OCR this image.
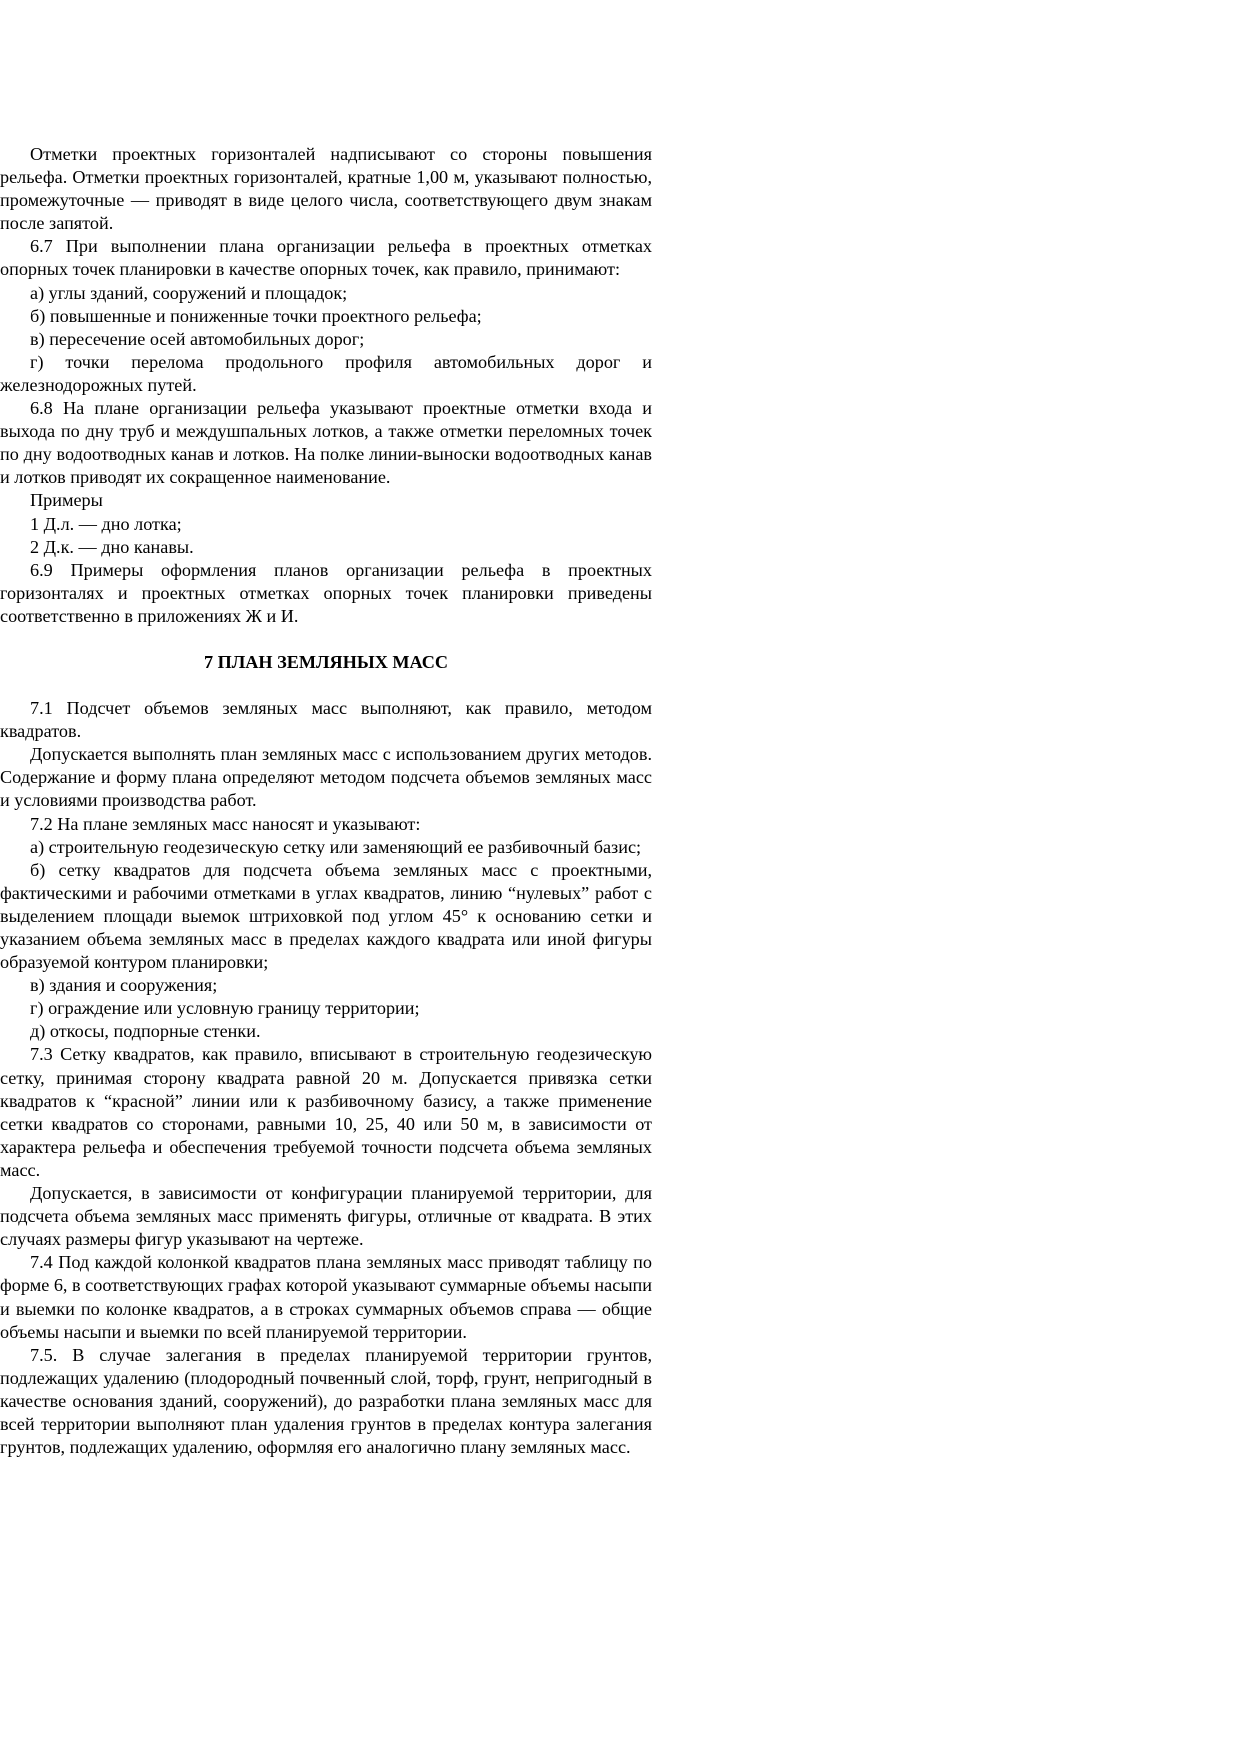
Отметки проектных горизонталей надписывают со стороны повышения рельефа. Отметки проектных горизонталей, кратные 1,00 м, указывают полностью, промежуточные — приводят в виде целого числа, соответствующего двум знакам после запятой.

6.7 При выполнении плана организации рельефа в проектных отметках опорных точек планировки в качестве опорных точек, как правило, принимают:

а) углы зданий, сооружений и площадок;

б) повышенные и пониженные точки проектного рельефа;

в) пересечение осей автомобильных дорог;

г) точки перелома продольного профиля автомобильных дорог и железнодорожных путей.

6.8 На плане организации рельефа указывают проектные отметки входа и выхода по дну труб и междушпальных лотков, а также отметки переломных точек по дну водоотводных канав и лотков. На полке линии-выноски водоотводных канав и лотков приводят их сокращенное наименование.

Примеры

1 Д.л. — дно лотка;

2 Д.к. — дно канавы.

6.9 Примеры оформления планов организации рельефа в проектных горизонталях и проектных отметках опорных точек планировки приведены соответственно в приложениях Ж и И.

7 ПЛАН ЗЕМЛЯНЫХ МАСС

7.1 Подсчет объемов земляных масс выполняют, как правило, методом квадратов.

Допускается выполнять план земляных масс с использованием других методов. Содержание и форму плана определяют методом подсчета объемов земляных масс и условиями производства работ.

7.2 На плане земляных масс наносят и указывают:

а) строительную геодезическую сетку или заменяющий ее разбивочный базис;

б) сетку квадратов для подсчета объема земляных масс с проектными, фактическими и рабочими отметками в углах квадратов, линию “нулевых” работ с выделением площади выемок штриховкой под углом 45° к основанию сетки и указанием объема земляных масс в пределах каждого квадрата или иной фигуры образуемой контуром планировки;

в) здания и сооружения;

г) ограждение или условную границу территории;

д) откосы, подпорные стенки.

7.3 Сетку квадратов, как правило, вписывают в строительную геодезическую сетку, принимая сторону квадрата равной 20 м. Допускается привязка сетки квадратов к “красной” линии или к разбивочному базису, а также применение сетки квадратов со сторонами, равными 10, 25, 40 или 50 м, в зависимости от характера рельефа и обеспечения требуемой точности подсчета объема земляных масс.

Допускается, в зависимости от конфигурации планируемой территории, для подсчета объема земляных масс применять фигуры, отличные от квадрата. В этих случаях размеры фигур указывают на чертеже.

7.4 Под каждой колонкой квадратов плана земляных масс приводят таблицу по форме 6, в соответствующих графах которой указывают суммарные объемы насыпи и выемки по колонке квадратов, а в строках суммарных объемов справа — общие объемы насыпи и выемки по всей планируемой территории.

7.5. В случае залегания в пределах планируемой территории грунтов, подлежащих удалению (плодородный почвенный слой, торф, грунт, непригодный в качестве основания зданий, сооружений), до разработки плана земляных масс для всей территории выполняют план удаления грунтов в пределах контура залегания грунтов, подлежащих удалению, оформляя его аналогично плану земляных масс.
